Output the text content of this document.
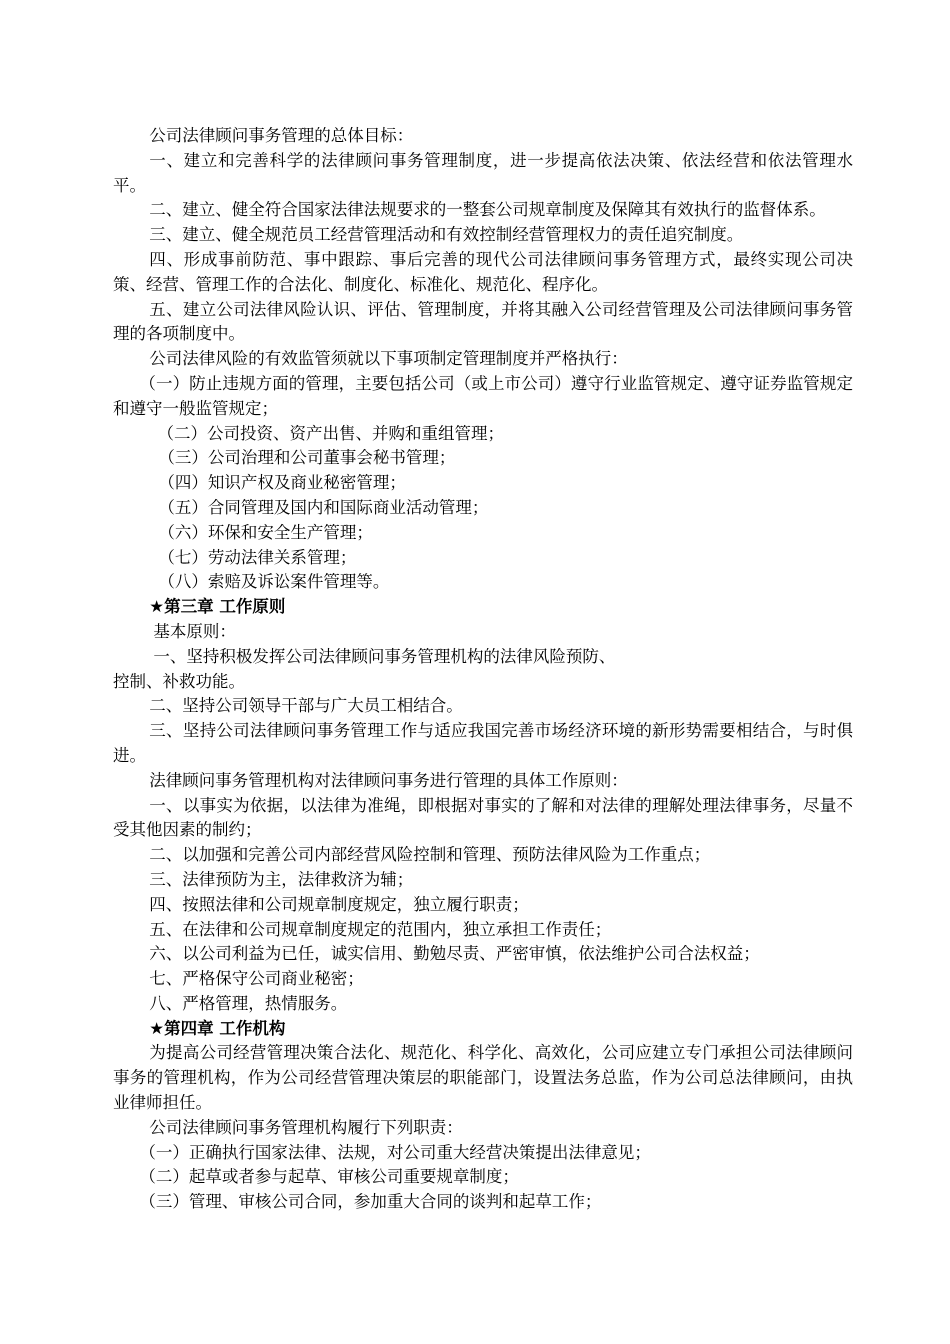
公司法律顾问事务管理的总体目标：

一、建立和完善科学的法律顾问事务管理制度，进一步提高依法决策、依法经营和依法管理水平。

二、建立、健全符合国家法律法规要求的一整套公司规章制度及保障其有效执行的监督体系。

三、建立、健全规范员工经营管理活动和有效控制经营管理权力的责任追究制度。

四、形成事前防范、事中跟踪、事后完善的现代公司法律顾问事务管理方式，最终实现公司决策、经营、管理工作的合法化、制度化、标准化、规范化、程序化。

五、建立公司法律风险认识、评估、管理制度，并将其融入公司经营管理及公司法律顾问事务管理的各项制度中。

公司法律风险的有效监管须就以下事项制定管理制度并严格执行：

（一）防止违规方面的管理，主要包括公司（或上市公司）遵守行业监管规定、遵守证券监管规定和遵守一般监管规定；

（二）公司投资、资产出售、并购和重组管理；

（三）公司治理和公司董事会秘书管理；

（四）知识产权及商业秘密管理；

（五）合同管理及国内和国际商业活动管理；

（六）环保和安全生产管理；

（七）劳动法律关系管理；

（八）索赔及诉讼案件管理等。

★第三章 工作原则

基本原则：

一、坚持积极发挥公司法律顾问事务管理机构的法律风险预防、

控制、补救功能。

二、坚持公司领导干部与广大员工相结合。

三、坚持公司法律顾问事务管理工作与适应我国完善市场经济环境的新形势需要相结合，与时俱进。

法律顾问事务管理机构对法律顾问事务进行管理的具体工作原则：

一、以事实为依据，以法律为准绳，即根据对事实的了解和对法律的理解处理法律事务，尽量不受其他因素的制约；

二、以加强和完善公司内部经营风险控制和管理、预防法律风险为工作重点；

三、法律预防为主，法律救济为辅；

四、按照法律和公司规章制度规定，独立履行职责；

五、在法律和公司规章制度规定的范围内，独立承担工作责任；

六、以公司利益为已任，诚实信用、勤勉尽责、严密审慎，依法维护公司合法权益；

七、严格保守公司商业秘密；

八、严格管理，热情服务。

★第四章 工作机构

为提高公司经营管理决策合法化、规范化、科学化、高效化，公司应建立专门承担公司法律顾问事务的管理机构，作为公司经营管理决策层的职能部门，设置法务总监，作为公司总法律顾问，由执业律师担任。

公司法律顾问事务管理机构履行下列职责：

（一）正确执行国家法律、法规，对公司重大经营决策提出法律意见；

（二）起草或者参与起草、审核公司重要规章制度；

（三）管理、审核公司合同，参加重大合同的谈判和起草工作；
